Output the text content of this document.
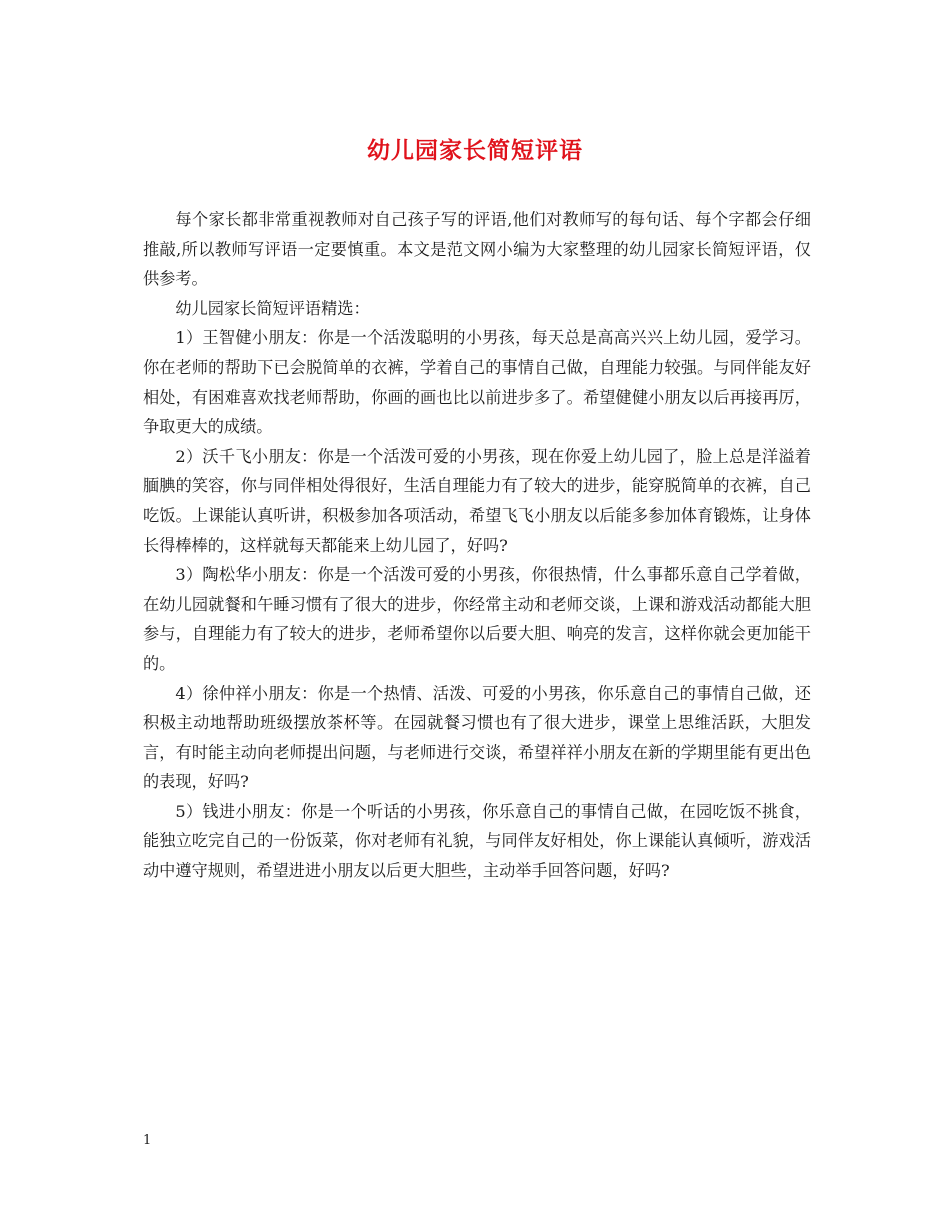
幼儿园家长简短评语

每个家长都非常重视教师对自己孩子写的评语,他们对教师写的每句话、每个字都会仔细推敲,所以教师写评语一定要慎重。本文是范文网小编为大家整理的幼儿园家长简短评语，仅供参考。

幼儿园家长简短评语精选：

1）王智健小朋友：你是一个活泼聪明的小男孩，每天总是高高兴兴上幼儿园，爱学习。你在老师的帮助下已会脱简单的衣裤，学着自己的事情自己做，自理能力较强。与同伴能友好相处，有困难喜欢找老师帮助，你画的画也比以前进步多了。希望健健小朋友以后再接再厉，争取更大的成绩。

2）沃千飞小朋友：你是一个活泼可爱的小男孩，现在你爱上幼儿园了，脸上总是洋溢着腼腆的笑容，你与同伴相处得很好，生活自理能力有了较大的进步，能穿脱简单的衣裤，自己吃饭。上课能认真听讲，积极参加各项活动，希望飞飞小朋友以后能多参加体育锻炼，让身体长得棒棒的，这样就每天都能来上幼儿园了，好吗?

3）陶松华小朋友：你是一个活泼可爱的小男孩，你很热情，什么事都乐意自己学着做，在幼儿园就餐和午睡习惯有了很大的进步，你经常主动和老师交谈，上课和游戏活动都能大胆参与，自理能力有了较大的进步，老师希望你以后要大胆、响亮的发言，这样你就会更加能干的。

4）徐仲祥小朋友：你是一个热情、活泼、可爱的小男孩，你乐意自己的事情自己做，还积极主动地帮助班级摆放茶杯等。在园就餐习惯也有了很大进步，课堂上思维活跃，大胆发言，有时能主动向老师提出问题，与老师进行交谈，希望祥祥小朋友在新的学期里能有更出色的表现，好吗?

5）钱进小朋友：你是一个听话的小男孩，你乐意自己的事情自己做，在园吃饭不挑食，能独立吃完自己的一份饭菜，你对老师有礼貌，与同伴友好相处，你上课能认真倾听，游戏活动中遵守规则，希望进进小朋友以后更大胆些，主动举手回答问题，好吗?

1
